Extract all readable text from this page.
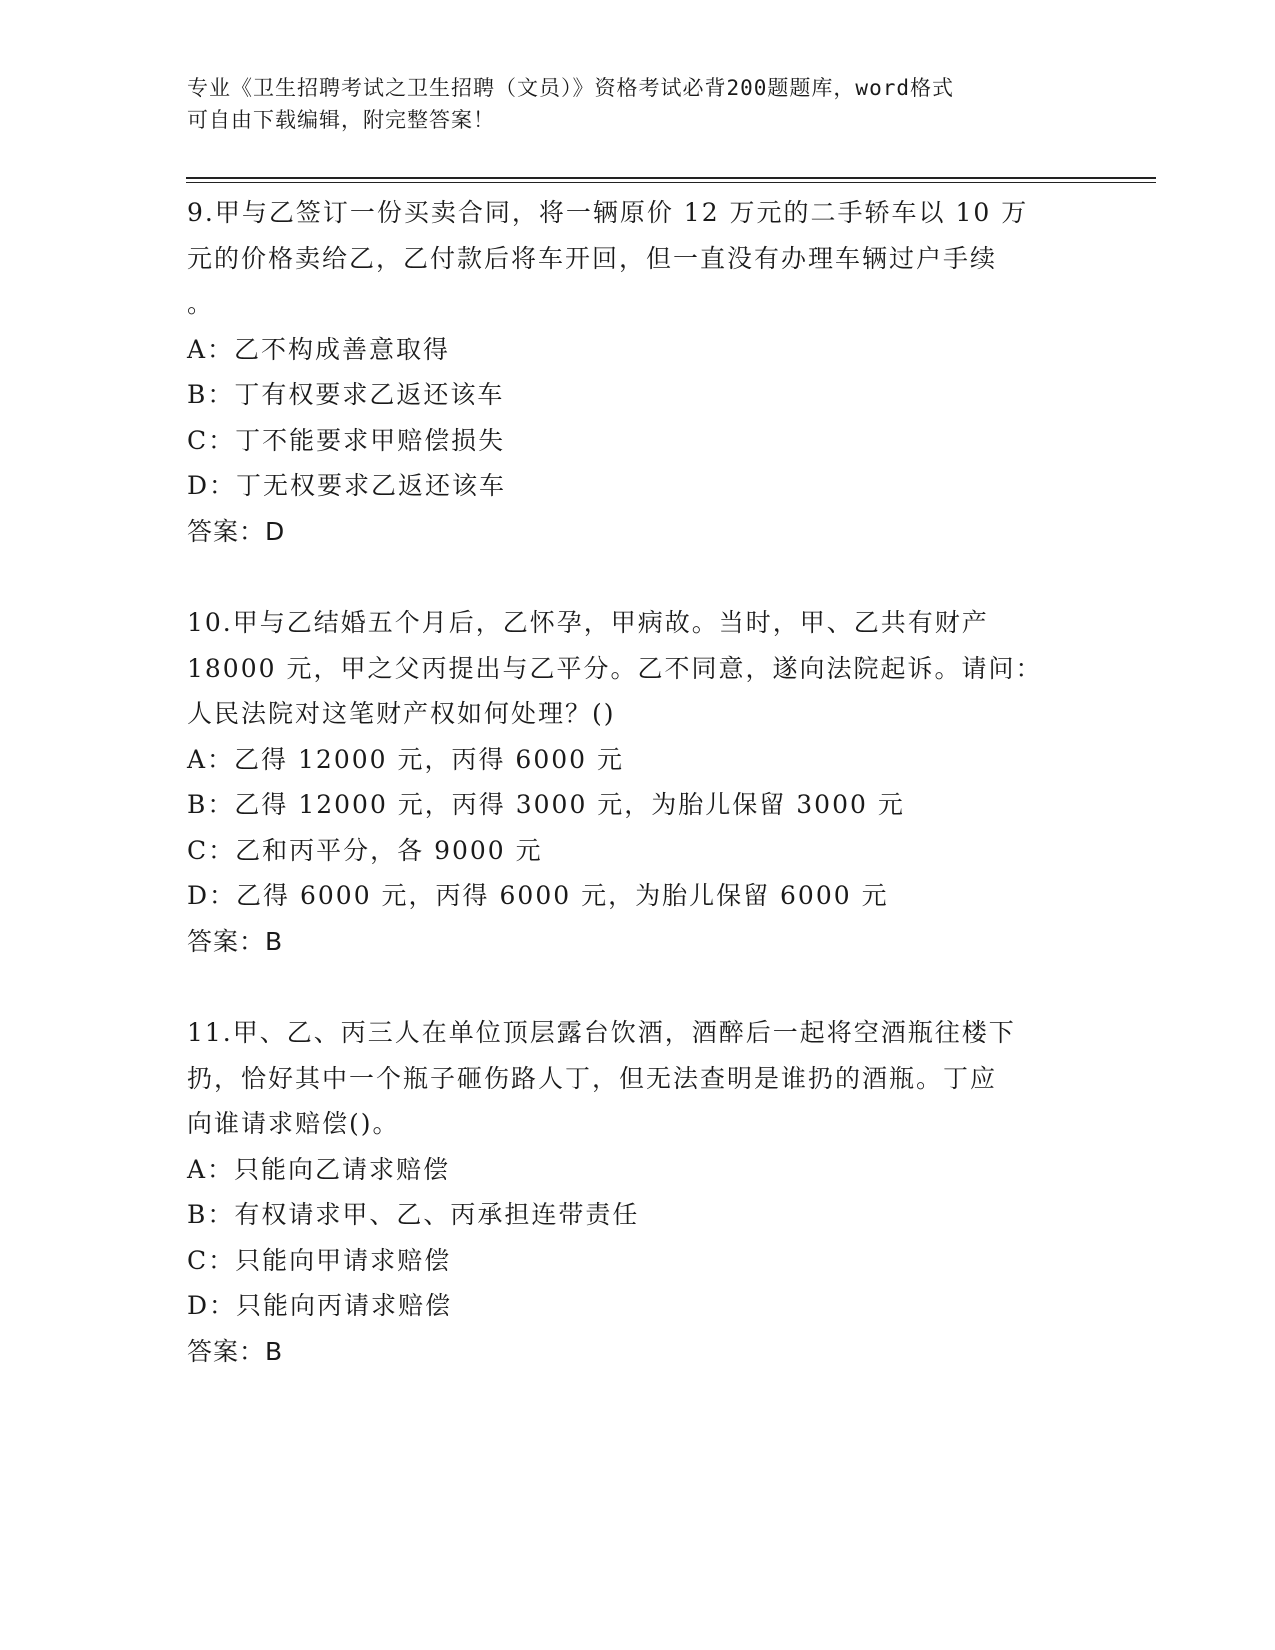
专业《卫生招聘考试之卫生招聘（文员）》资格考试必背200题题库，word格式
可自由下载编辑，附完整答案！
9.甲与乙签订一份买卖合同，将一辆原价 12 万元的二手轿车以 10 万
元的价格卖给乙，乙付款后将车开回，但一直没有办理车辆过户手续
。
A：乙不构成善意取得
B：丁有权要求乙返还该车
C：丁不能要求甲赔偿损失
D：丁无权要求乙返还该车
答案：D
10.甲与乙结婚五个月后，乙怀孕，甲病故。当时，甲、乙共有财产
18000 元，甲之父丙提出与乙平分。乙不同意，遂向法院起诉。请问：
人民法院对这笔财产权如何处理？()
A：乙得 12000 元，丙得 6000 元
B：乙得 12000 元，丙得 3000 元，为胎儿保留 3000 元
C：乙和丙平分，各 9000 元
D：乙得 6000 元，丙得 6000 元，为胎儿保留 6000 元
答案：B
11.甲、乙、丙三人在单位顶层露台饮酒，酒醉后一起将空酒瓶往楼下
扔，恰好其中一个瓶子砸伤路人丁，但无法查明是谁扔的酒瓶。丁应
向谁请求赔偿()。
A：只能向乙请求赔偿
B：有权请求甲、乙、丙承担连带责任
C：只能向甲请求赔偿
D：只能向丙请求赔偿
答案：B
